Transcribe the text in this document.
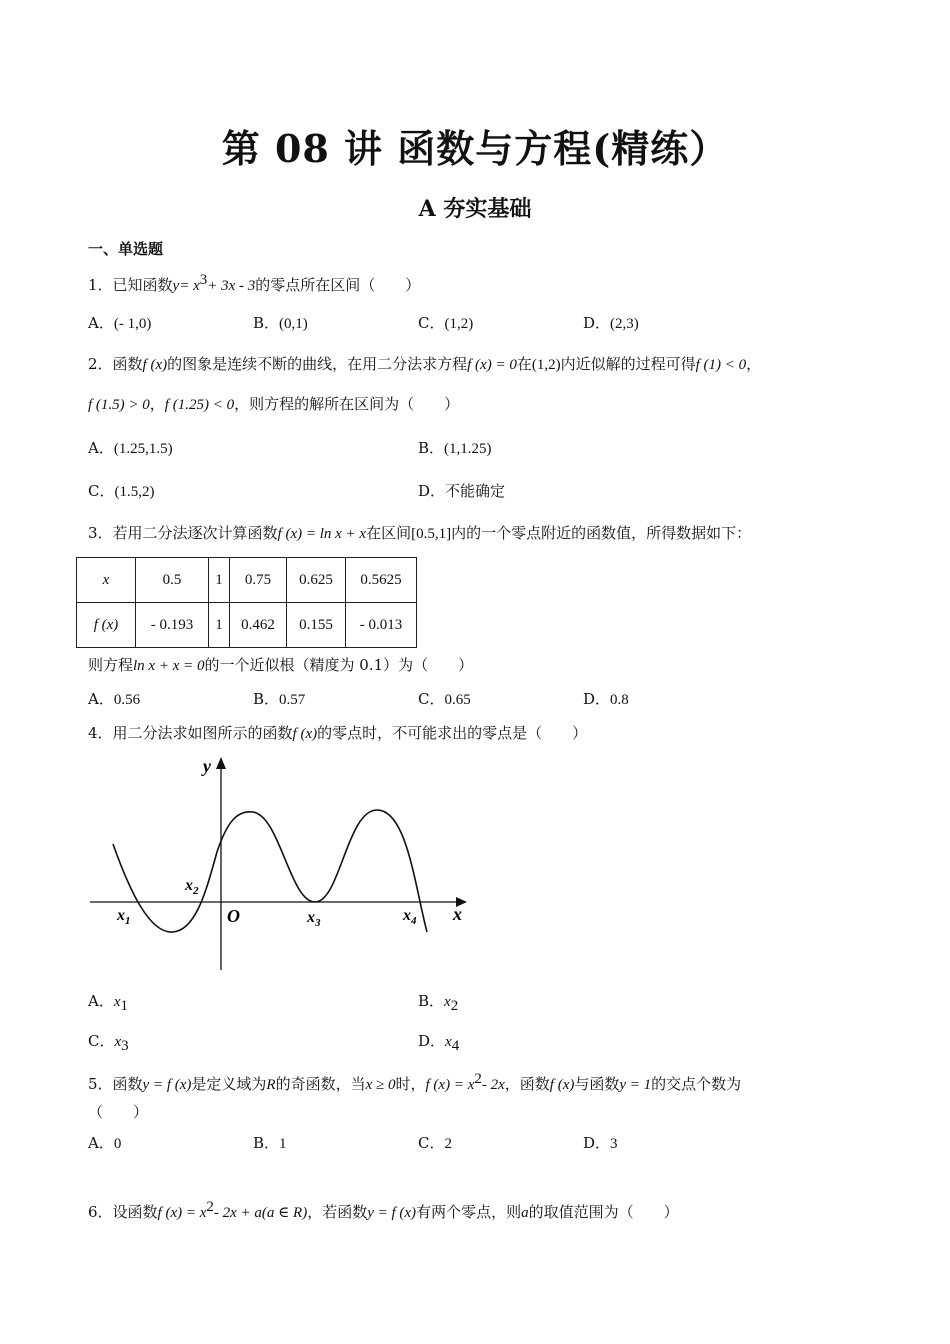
第 08 讲 函数与方程(精练）
A 夯实基础
一、单选题
1．已知函数$y= x^3+ 3x - 3$的零点所在区间（　　）
A．(- 1,0)	B．(0,1)	C．(1,2)	D．(2,3)
2．函数f (x)的图象是连续不断的曲线，在用二分法求方程f (x) = 0在(1,2)内近似解的过程可得f (1) < 0，
f (1.5) > 0，f (1.25) < 0，则方程的解所在区间为（　　）
A．(1.25,1.5)	B．(1,1.25)
C．(1.5,2)	D．不能确定
3．若用二分法逐次计算函数f (x) = ln x + x在区间[0.5,1]内的一个零点附近的函数值，所得数据如下：
x	0.5	1	0.75	0.625	0.5625
f (x)	- 0.193	1	0.462	0.155	- 0.013
则方程ln x + x = 0的一个近似根（精度为 0.1）为（　　）
A．0.56	B．0.57	C．0.65	D．0.8
4．用二分法求如图所示的函数f (x)的零点时，不可能求出的零点是（　　）
y
x
O
$x_1$
$x_2$
$x_3$	$x_4$
A．$x_1$	B．$x_2$
C．$x_3$	D．$x_4$
5．函数y = f (x)是定义域为R的奇函数，当x ≥ 0时，f $(x) = x^2-$ 2x，函数f (x)与函数y = 1的交点个数为
（　　）
A．0	B．1	C．2	D．3
6．设函数f $(x) = x^2-$ 2x + a(a ∈ R)，若函数y = f (x)有两个零点，则a的取值范围为（　　）
